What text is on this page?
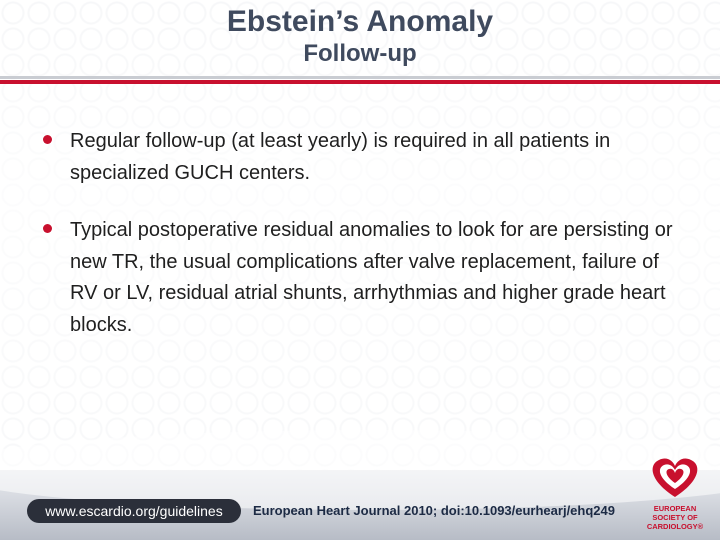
Ebstein’s Anomaly
Follow-up
Regular follow-up (at least yearly) is required in all patients in specialized GUCH centers.
Typical postoperative residual anomalies to look for are persisting or new TR, the usual complications after valve replacement, failure of RV or LV, residual atrial shunts, arrhythmias and higher grade heart blocks.
www.escardio.org/guidelines	European Heart Journal 2010; doi:10.1093/eurhearj/ehq249	EUROPEAN
SOCIETY OF
CARDIOLOGY®
